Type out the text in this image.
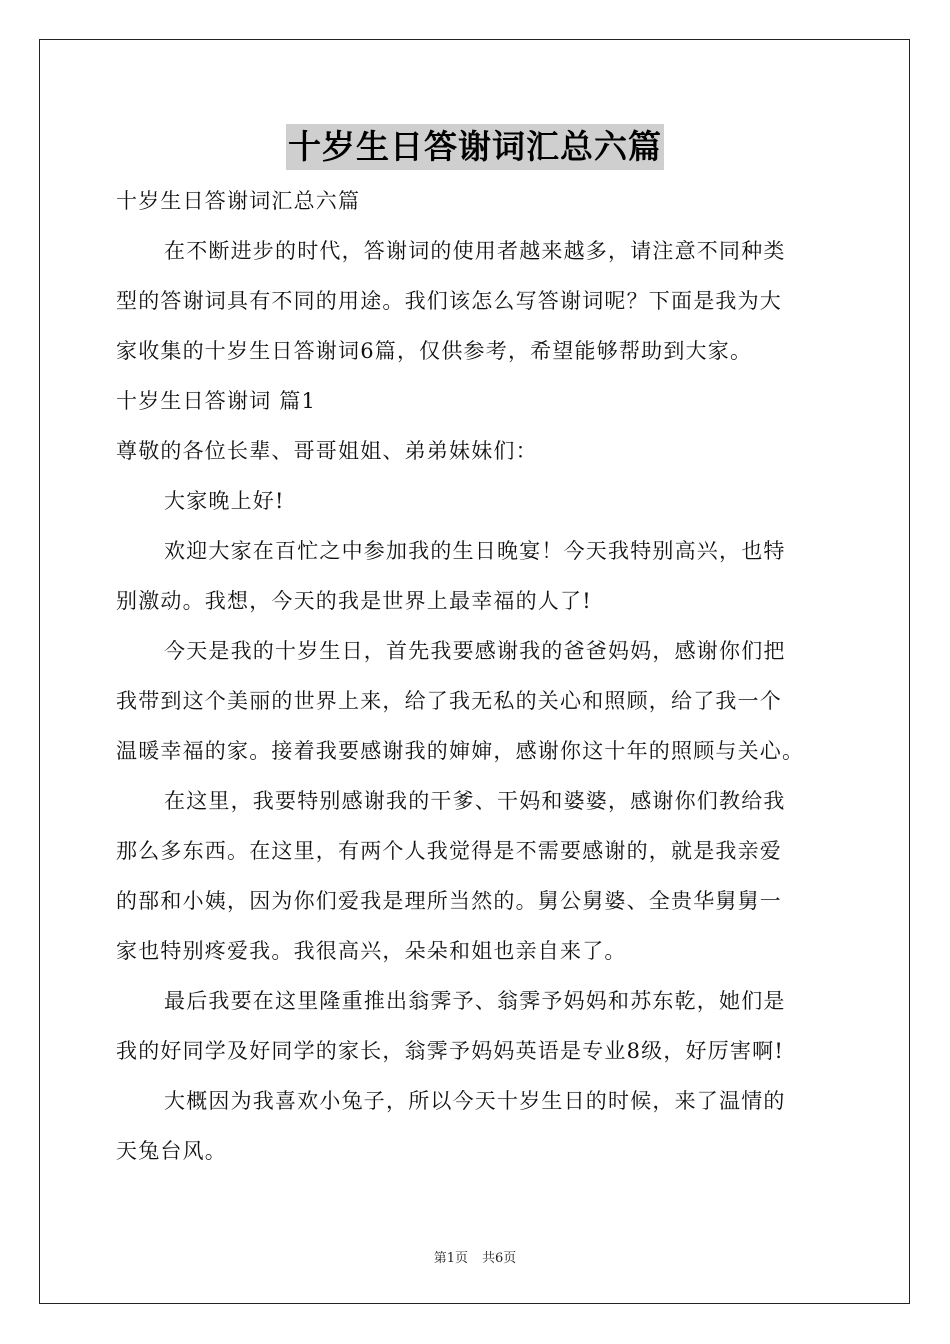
十岁生日答谢词汇总六篇
十岁生日答谢词汇总六篇
在不断进步的时代，答谢词的使用者越来越多，请注意不同种类
型的答谢词具有不同的用途。我们该怎么写答谢词呢？下面是我为大
家收集的十岁生日答谢词6篇，仅供参考，希望能够帮助到大家。
十岁生日答谢词 篇1
尊敬的各位长辈、哥哥姐姐、弟弟妹妹们：
大家晚上好!
欢迎大家在百忙之中参加我的生日晚宴！今天我特别高兴，也特
别激动。我想，今天的我是世界上最幸福的人了!
今天是我的十岁生日，首先我要感谢我的爸爸妈妈，感谢你们把
我带到这个美丽的世界上来，给了我无私的关心和照顾，给了我一个
温暖幸福的家。接着我要感谢我的婶婶，感谢你这十年的照顾与关心。
在这里，我要特别感谢我的干爹、干妈和婆婆，感谢你们教给我
那么多东西。在这里，有两个人我觉得是不需要感谢的，就是我亲爱
的郚和小姨，因为你们爱我是理所当然的。舅公舅婆、全贵华舅舅一
家也特别疼爱我。我很高兴，朵朵和姐也亲自来了。
最后我要在这里隆重推出翁霁予、翁霁予妈妈和苏东乾，她们是
我的好同学及好同学的家长，翁霁予妈妈英语是专业8级，好厉害啊!
大概因为我喜欢小兔子，所以今天十岁生日的时候，来了温情的
天兔台风。
第1页 共6页
